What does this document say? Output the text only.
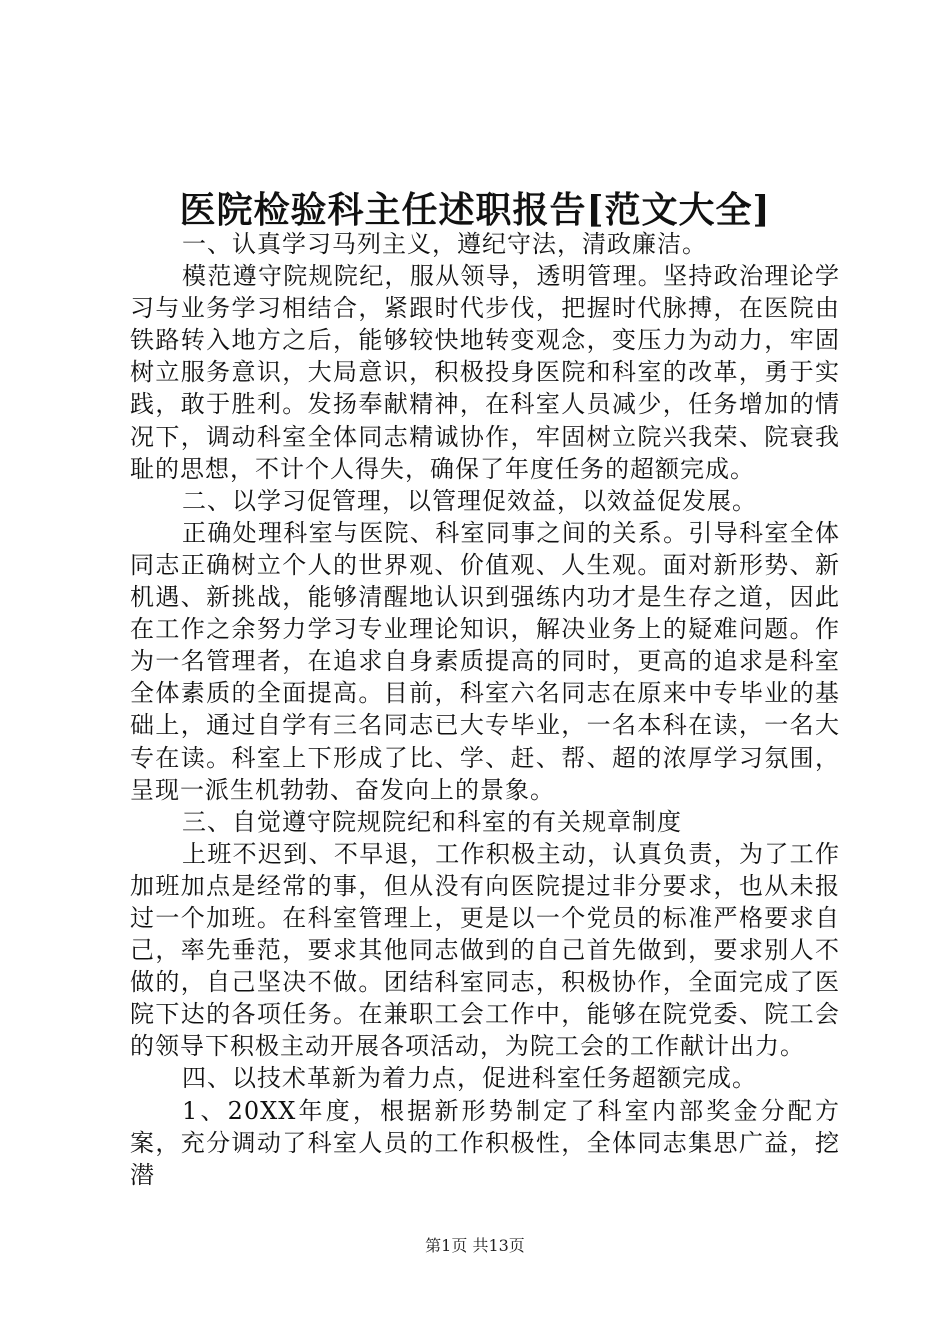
医院检验科主任述职报告[范文大全]

一、认真学习马列主义，遵纪守法，清政廉洁。

模范遵守院规院纪，服从领导，透明管理。坚持政治理论学习与业务学习相结合，紧跟时代步伐，把握时代脉搏，在医院由铁路转入地方之后，能够较快地转变观念，变压力为动力，牢固树立服务意识，大局意识，积极投身医院和科室的改革，勇于实践，敢于胜利。发扬奉献精神，在科室人员减少，任务增加的情况下，调动科室全体同志精诚协作，牢固树立院兴我荣、院衰我耻的思想，不计个人得失，确保了年度任务的超额完成。

二、以学习促管理，以管理促效益，以效益促发展。

正确处理科室与医院、科室同事之间的关系。引导科室全体同志正确树立个人的世界观、价值观、人生观。面对新形势、新机遇、新挑战，能够清醒地认识到强练内功才是生存之道，因此在工作之余努力学习专业理论知识，解决业务上的疑难问题。作为一名管理者，在追求自身素质提高的同时，更高的追求是科室全体素质的全面提高。目前，科室六名同志在原来中专毕业的基础上，通过自学有三名同志已大专毕业，一名本科在读，一名大专在读。科室上下形成了比、学、赶、帮、超的浓厚学习氛围，呈现一派生机勃勃、奋发向上的景象。

三、自觉遵守院规院纪和科室的有关规章制度

上班不迟到、不早退，工作积极主动，认真负责，为了工作加班加点是经常的事，但从没有向医院提过非分要求，也从未报过一个加班。在科室管理上，更是以一个党员的标准严格要求自己，率先垂范，要求其他同志做到的自己首先做到，要求别人不做的，自己坚决不做。团结科室同志，积极协作，全面完成了医院下达的各项任务。在兼职工会工作中，能够在院党委、院工会的领导下积极主动开展各项活动，为院工会的工作献计出力。

四、以技术革新为着力点，促进科室任务超额完成。

1、20XX年度，根据新形势制定了科室内部奖金分配方案，充分调动了科室人员的工作积极性，全体同志集思广益，挖潜

第1页 共13页
